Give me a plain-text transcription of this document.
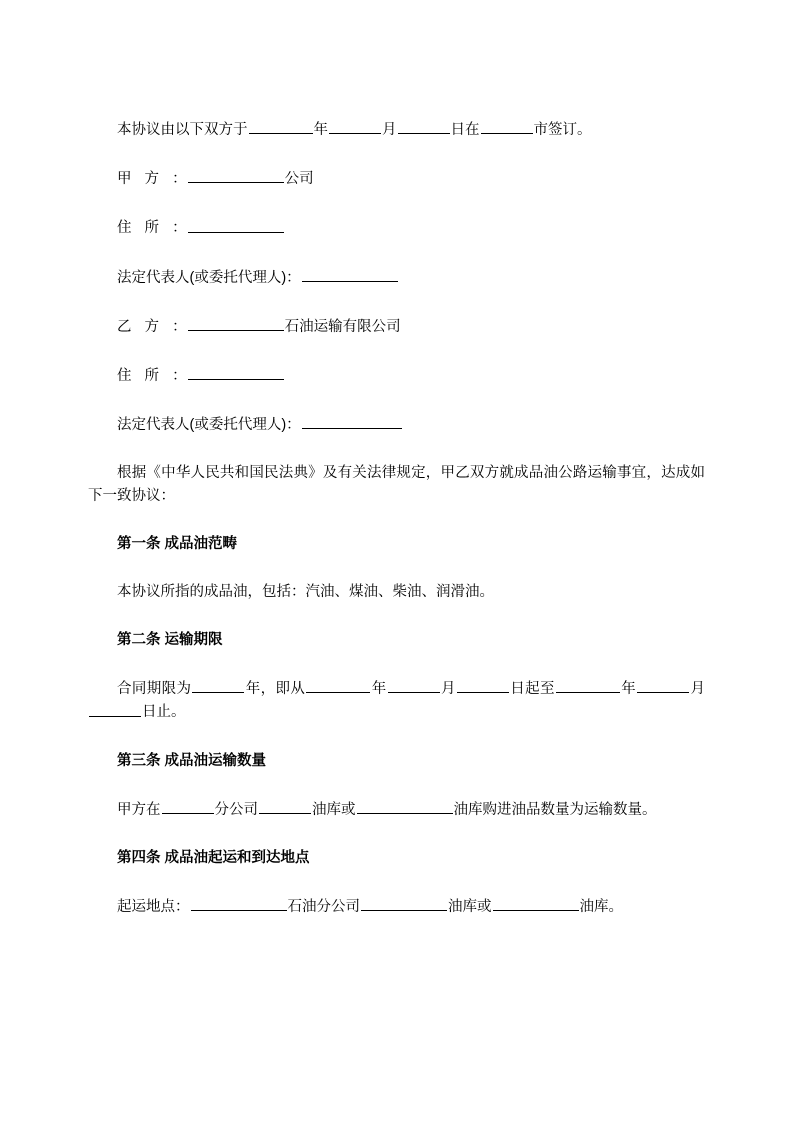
本协议由以下双方于	年	月	日在	市签订。

甲方：	公司

住所：

法定代表人(或委托代理人)：

乙方：	石油运输有限公司

住所：

法定代表人(或委托代理人)：

根据《中华人民共和国民法典》及有关法律规定，甲乙双方就成品油公路运输事宜，达成如下一致协议：

第一条 成品油范畴

本协议所指的成品油，包括：汽油、煤油、柴油、润滑油。

第二条 运输期限

合同期限为	年，即从	年	月	日起至	年	月日止。

第三条 成品油运输数量

甲方在	分公司	油库或	油库购进油品数量为运输数量。

第四条 成品油起运和到达地点

起运地点：	石油分公司	油库或	油库。
